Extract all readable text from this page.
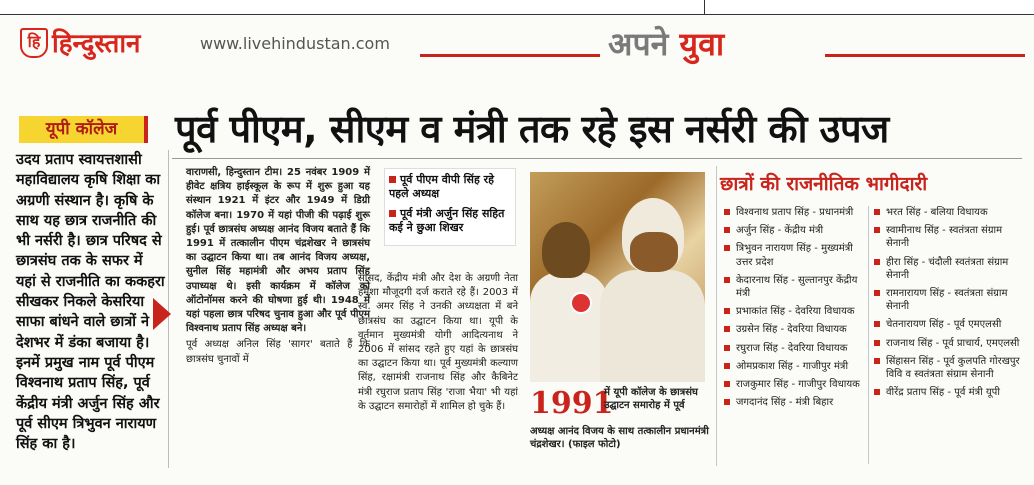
हि हिन्दुस्तान	www.livehindustan.com	अपने युवा
यूपी कॉलेज	पूर्व पीएम, सीएम व मंत्री तक रहे इस नर्सरी की उपज
उदय प्रताप स्वायत्तशासी महाविद्यालय कृषि शिक्षा का अग्रणी संस्थान है। कृषि के साथ यह छात्र राजनीति की भी नर्सरी है। छात्र परिषद से छात्रसंघ तक के सफर में यहां से राजनीति का ककहरा सीखकर निकले केसरिया साफा बांधने वाले छात्रों ने देशभर में डंका बजाया है। इनमें प्रमुख नाम पूर्व पीएम विश्वनाथ प्रताप सिंह, पूर्व केंद्रीय मंत्री अर्जुन सिंह और पूर्व सीएम त्रिभुवन नारायण सिंह का है।

वाराणसी, हिन्दुस्तान टीम। 25 नवंबर 1909 में हीवेट क्षत्रिय हाईस्कूल के रूप में शुरू हुआ यह संस्थान 1921 में इंटर और 1949 में डिग्री कॉलेज बना। 1970 में यहां पीजी की पढ़ाई शुरू हुई। पूर्व छात्रसंघ अध्यक्ष आनंद विजय बताते हैं कि 1991 में तत्कालीन पीएम चंद्रशेखर ने छात्रसंघ का उद्घाटन किया था। तब आनंद विजय अध्यक्ष, सुनील सिंह महामंत्री और अभय प्रताप सिंह उपाध्यक्ष थे। इसी कार्यक्रम में कॉलेज को ऑटोनॉमस करने की घोषणा हुई थी। 1948 में यहां पहला छात्र परिषद चुनाव हुआ और पूर्व पीएम विश्वनाथ प्रताप सिंह अध्यक्ष बने।

पूर्व अध्यक्ष अनिल सिंह 'सागर' बताते हैं कि छात्रसंघ चुनावों में

पूर्व पीएम वीपी सिंह रहे पहले अध्यक्ष
पूर्व मंत्री अर्जुन सिंह सहित कई ने छुआ शिखर
सांसद, केंद्रीय मंत्री और देश के अग्रणी नेता हमेशा मौजूदगी दर्ज कराते रहे हैं। 2003 में स्व. अमर सिंह ने उनकी अध्यक्षता में बने छात्रसंघ का उद्घाटन किया था। यूपी के वर्तमान मुख्यमंत्री योगी आदित्यनाथ ने 2006 में सांसद रहते हुए यहां के छात्रसंघ का उद्घाटन किया था। पूर्व मुख्यमंत्री कल्याण सिंह, रक्षामंत्री राजनाथ सिंह और कैबिनेट मंत्री रघुराज प्रताप सिंह 'राजा भैया' भी यहां के उद्घाटन समारोहों में शामिल हो चुके हैं। 1991
में यूपी कॉलेज के छात्रसंघ उद्घाटन समारोह में पूर्व
अध्यक्ष आनंद विजय के साथ तत्कालीन प्रधानमंत्री चंद्रशेखर। (फाइल फोटो)
छात्रों की राजनीतिक भागीदारी
विश्वनाथ प्रताप सिंह - प्रधानमंत्री
अर्जुन सिंह - केंद्रीय मंत्री
त्रिभुवन नारायण सिंह - मुख्यमंत्री उत्तर प्रदेश
केदारनाथ सिंह - सुल्तानपुर केंद्रीय मंत्री
प्रभाकांत सिंह - देवरिया विधायक
उग्रसेन सिंह - देवरिया विधायक
रघुराज सिंह - देवरिया विधायक
ओमप्रकाश सिंह - गाजीपुर मंत्री
राजकुमार सिंह - गाजीपुर विधायक
जगदानंद सिंह - मंत्री बिहार
भरत सिंह - बलिया विधायक
स्वामीनाथ सिंह - स्वतंत्रता संग्राम सेनानी
हीरा सिंह - चंदौली स्वतंत्रता संग्राम सेनानी
रामनारायण सिंह - स्वतंत्रता संग्राम सेनानी
चेतनारायण सिंह - पूर्व एमएलसी
राजनाथ सिंह - पूर्व प्राचार्य, एमएलसी
सिंहासन सिंह - पूर्व कुलपति गोरखपुर विवि व स्वतंत्रता संग्राम सेनानी
वीरेंद्र प्रताप सिंह - पूर्व मंत्री यूपी
